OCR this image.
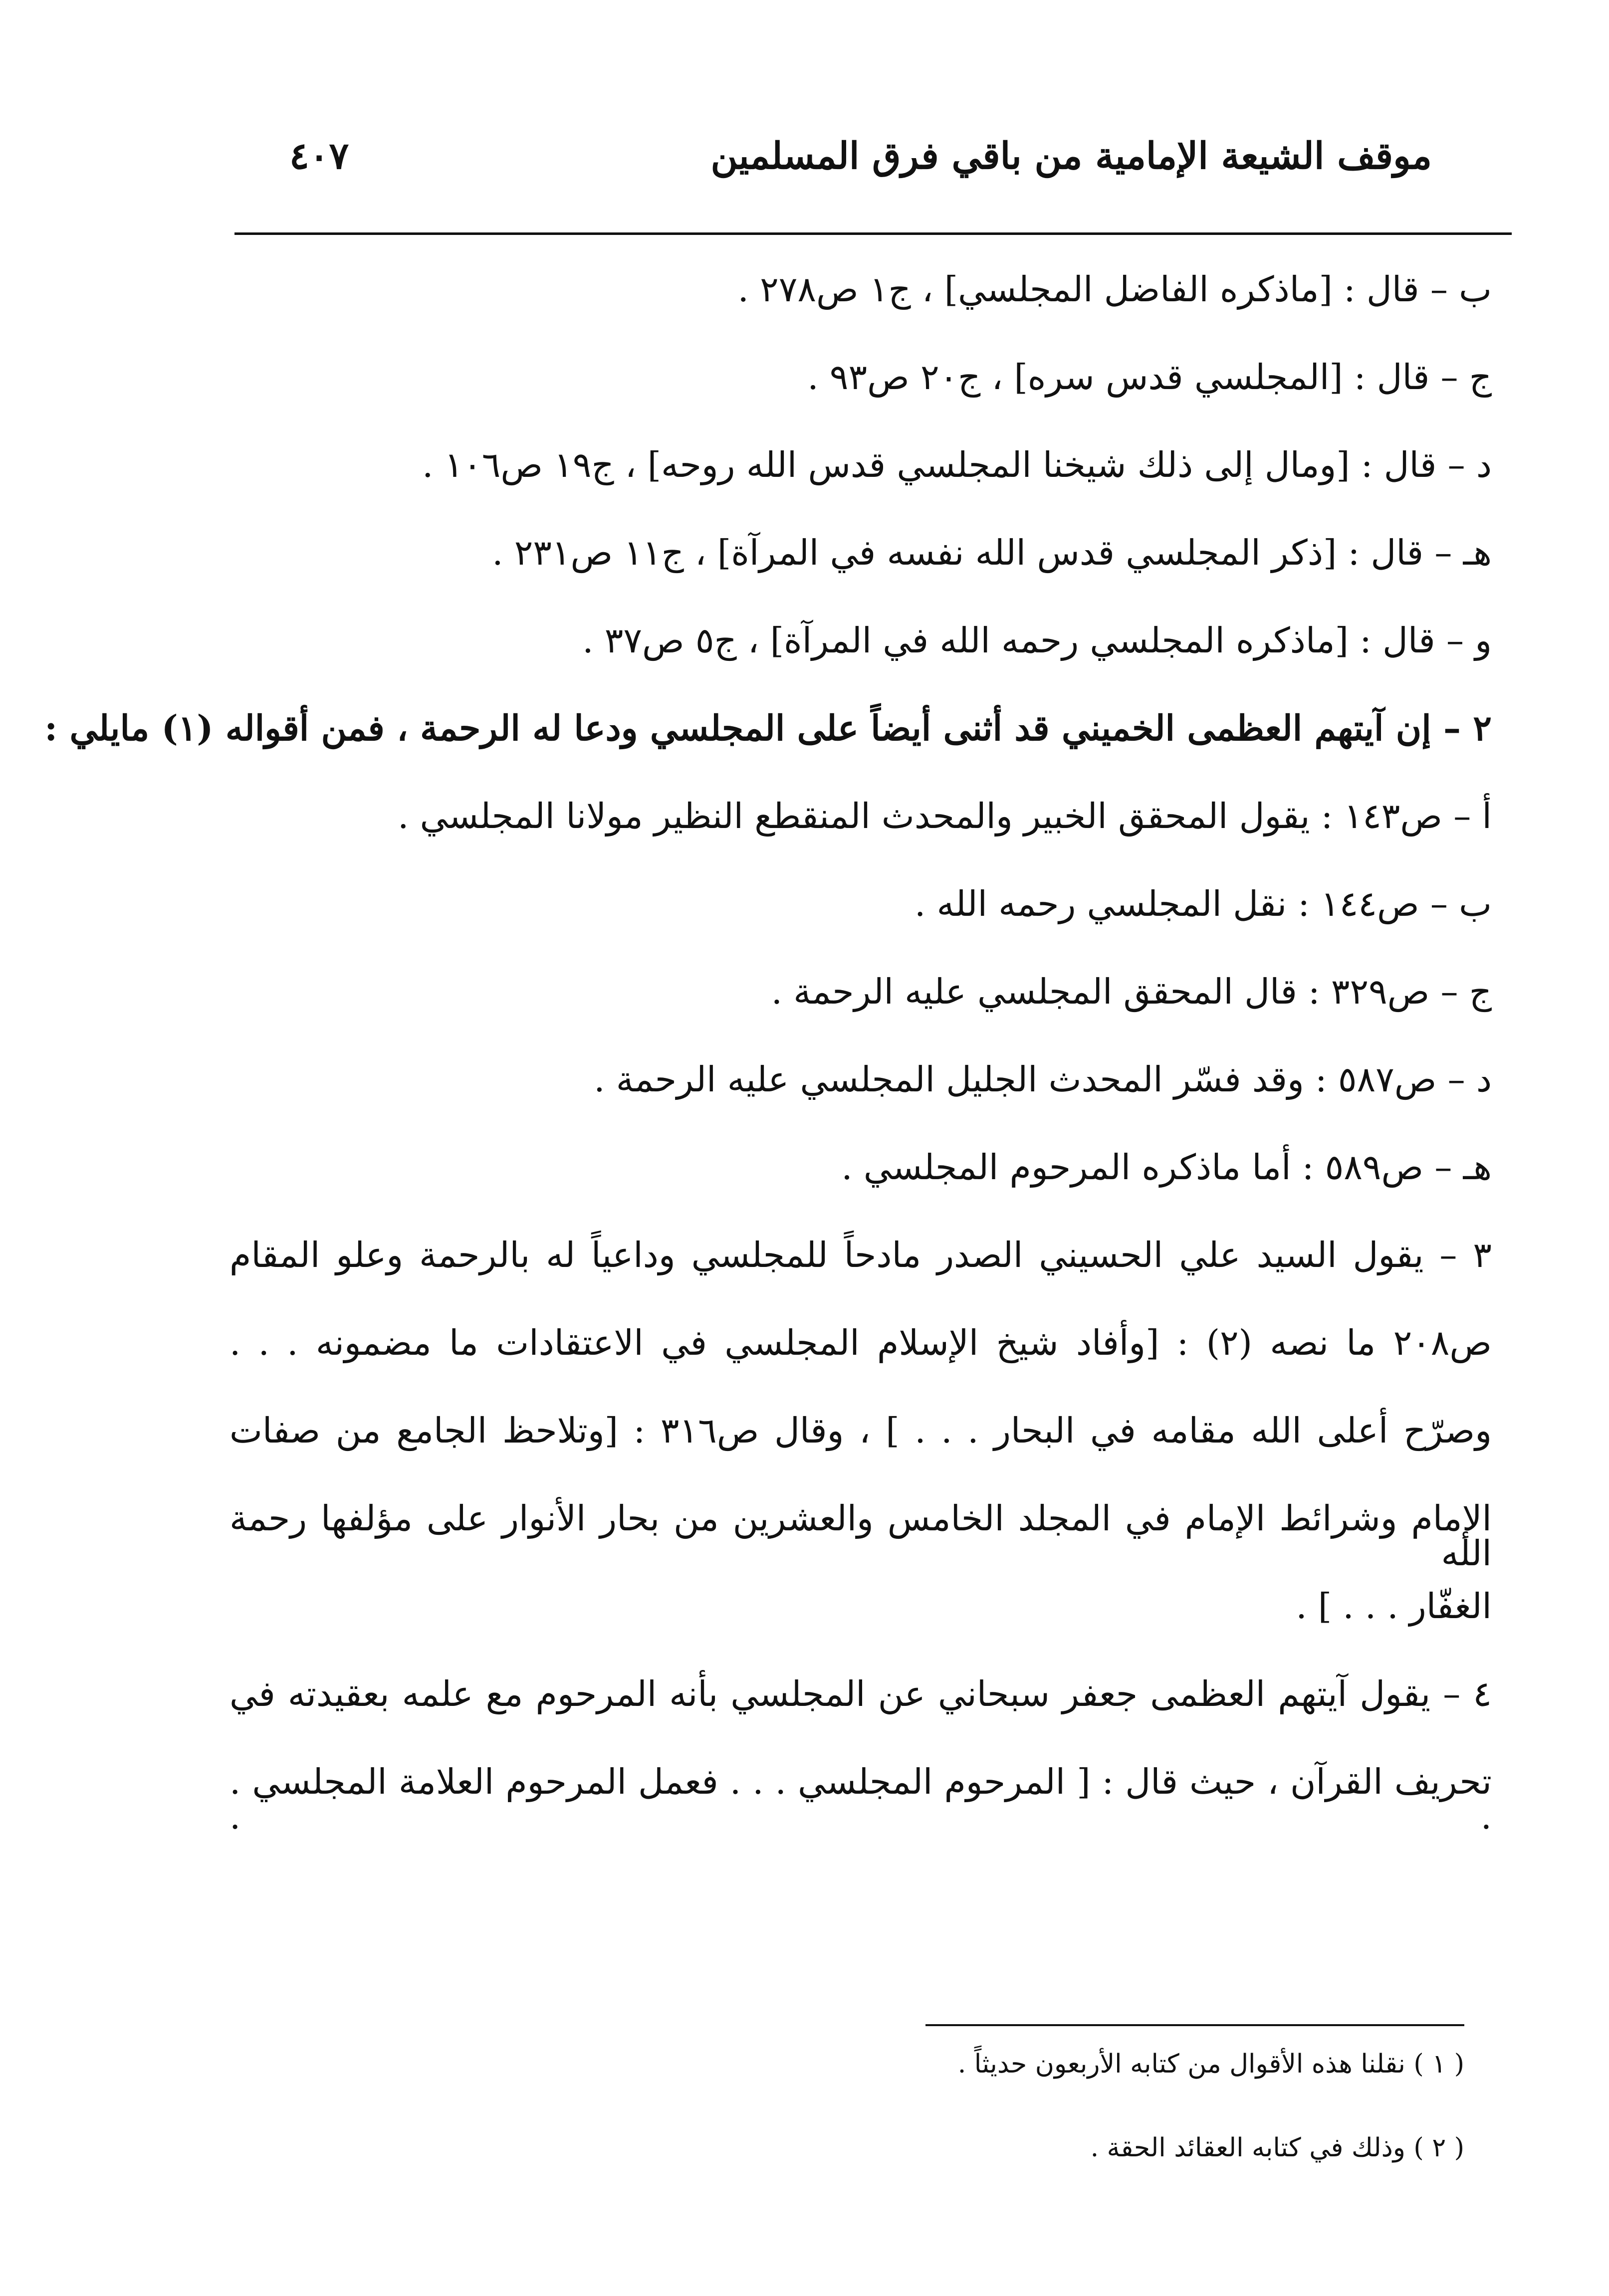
موقف الشيعة الإمامية من باقي فرق المسلمين
٤٠٧
ب – قال : [ماذكره الفاضل المجلسي] ، ج١ ص٢٧٨ .
ج – قال : [المجلسي قدس سره] ، ج٢٠ ص٩٣ .
د – قال : [ومال إلى ذلك شيخنا المجلسي قدس الله روحه] ، ج١٩ ص١٠٦ .
هـ – قال : [ذكر المجلسي قدس الله نفسه في المرآة] ، ج١١ ص٢٣١ .
و – قال : [ماذكره المجلسي رحمه الله في المرآة] ، ج٥ ص٣٧ .
٢ – إن آيتهم العظمى الخميني قد أثنى أيضاً على المجلسي ودعا له الرحمة ، فمن أقواله (١) مايلي :
أ – ص١٤٣ : يقول المحقق الخبير والمحدث المنقطع النظير مولانا المجلسي .
ب – ص١٤٤ : نقل المجلسي رحمه الله .
ج – ص٣٢٩ : قال المحقق المجلسي عليه الرحمة .
د – ص٥٨٧ : وقد فسّر المحدث الجليل المجلسي عليه الرحمة .
هـ – ص٥٨٩ : أما ماذكره المرحوم المجلسي .
٣ – يقول السيد علي الحسيني الصدر مادحاً للمجلسي وداعياً له بالرحمة وعلو المقام
ص٢٠٨ ما نصه (٢) : [وأفاد شيخ الإسلام المجلسي في الاعتقادات ما مضمونه . . .
وصرّح أعلى الله مقامه في البحار . . . ] ، وقال ص٣١٦ : [وتلاحظ الجامع من صفات
الإمام وشرائط الإمام في المجلد الخامس والعشرين من بحار الأنوار على مؤلفها رحمة الله
الغفّار . . . ] .
٤ – يقول آيتهم العظمى جعفر سبحاني عن المجلسي بأنه المرحوم مع علمه بعقيدته في
تحريف القرآن ، حيث قال : [ المرحوم المجلسي . . . فعمل المرحوم العلامة المجلسي . . .
( ١ ) نقلنا هذه الأقوال من كتابه الأربعون حديثاً .
( ٢ ) وذلك في كتابه العقائد الحقة .
